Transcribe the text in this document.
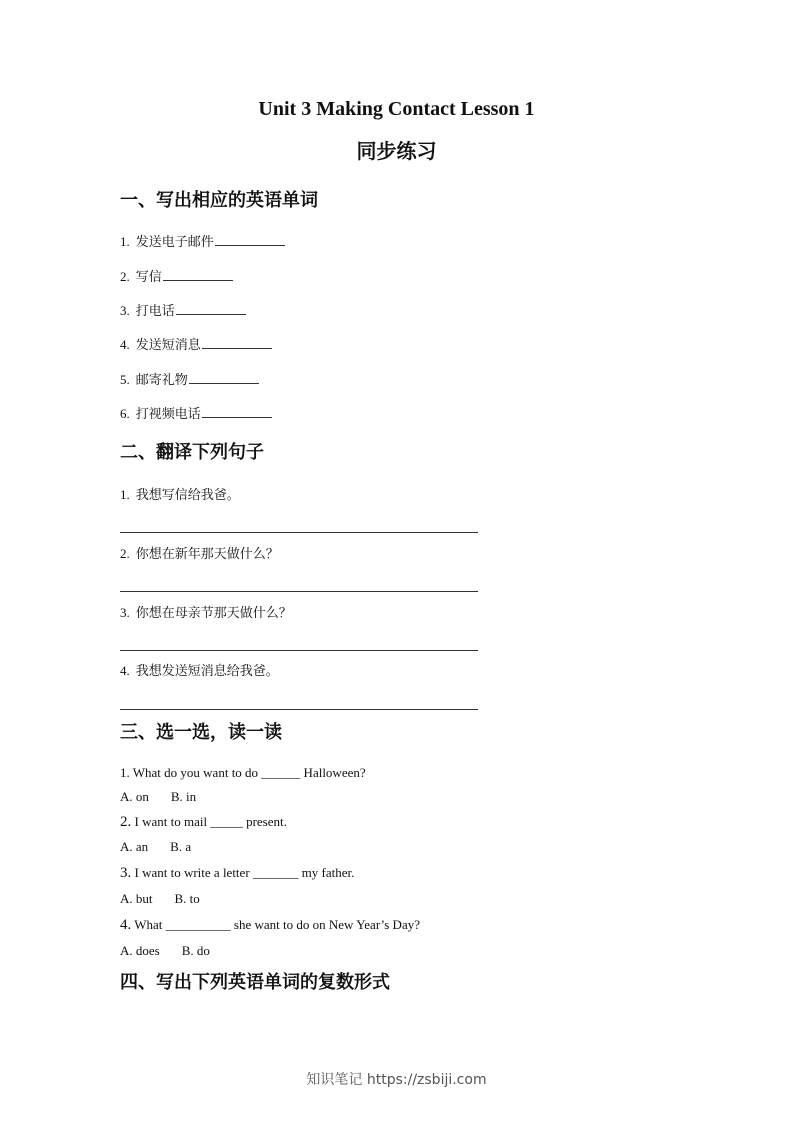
Unit 3 Making Contact Lesson 1
同步练习
一、写出相应的英语单词
1. 发送电子邮件
2. 写信
3. 打电话
4. 发送短消息
5. 邮寄礼物
6. 打视频电话
二、翻译下列句子
1. 我想写信给我爸。
2. 你想在新年那天做什么？
3. 你想在母亲节那天做什么？
4. 我想发送短消息给我爸。
三、选一选，读一读
1. What do you want to do ______ Halloween?
A. on B. in
2. I want to mail _____ present.
A. an B. a
3. I want to write a letter _______ my father.
A. but B. to
4. What __________ she want to do on New Year’s Day?
A. does B. do
四、写出下列英语单词的复数形式
知识笔记 https://zsbiji.com
